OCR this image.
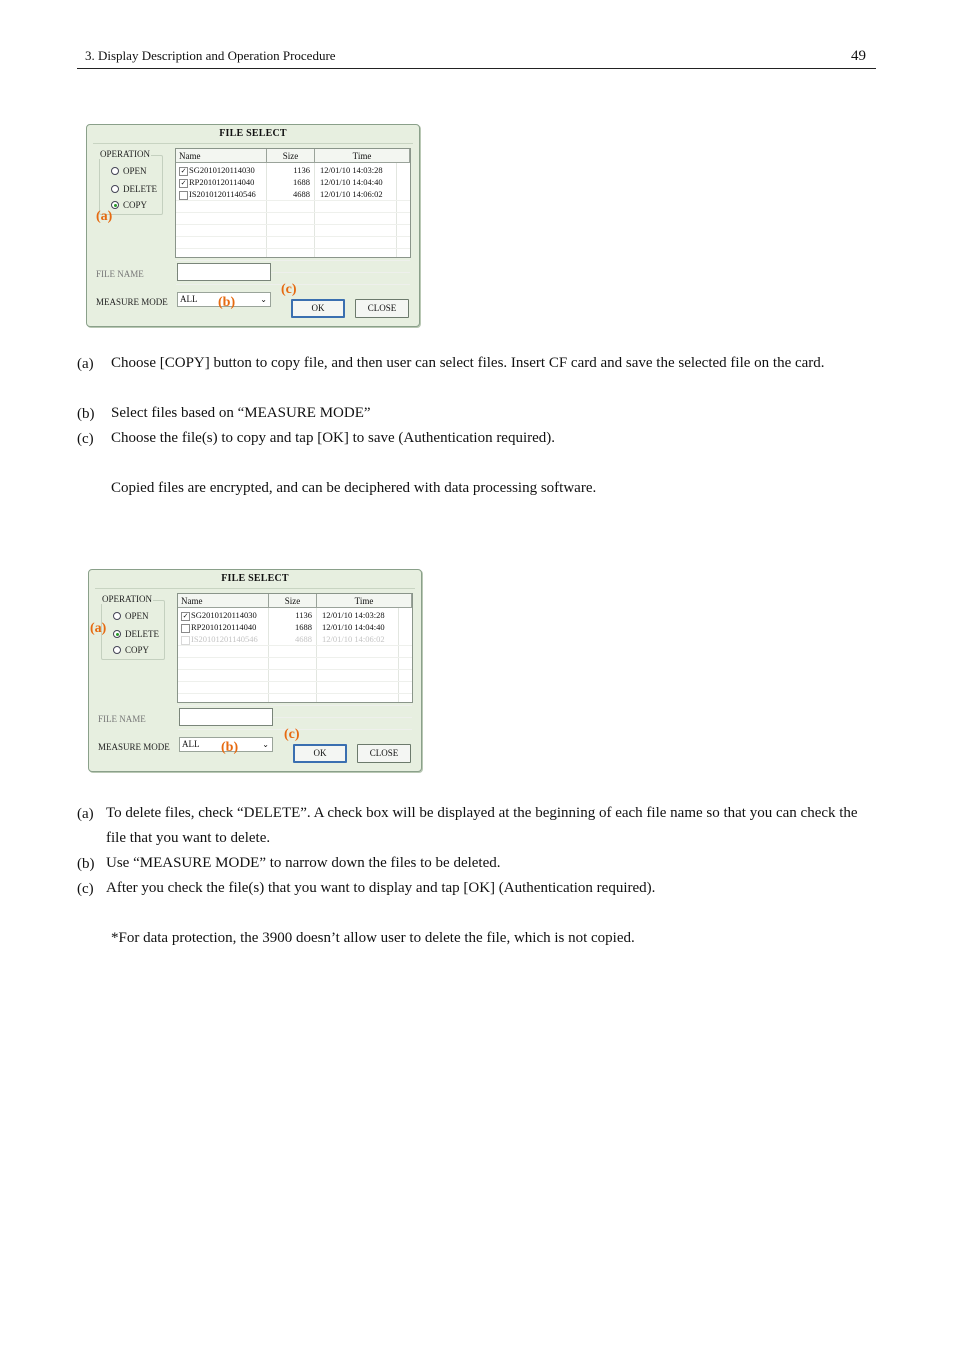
3. Display Description and Operation Procedure	49
FILE SELECT
OPERATION
OPEN
DELETE
COPY
Name	Size	Time
✓ SG2010120114030	1136 12/01/10 14:03:28
✓ RP2010120114040	1688 12/01/10 14:04:40
IS20101201140546	4688 12/01/10 14:06:02
FILE NAME
MEASURE MODE	ALL	⌄
OK	CLOSE
(a)
(b)
(c)
(a) Choose [COPY] button to copy file, and then user can select files. Insert CF card and save the selected file on the card.
(b) Select files based on “MEASURE MODE”
(c) Choose the file(s) to copy and tap [OK] to save (Authentication required).
Copied files are encrypted, and can be deciphered with data processing software.
FILE SELECT
OPERATION
OPEN
DELETE
COPY
Name	Size	Time
✓ SG2010120114030	1136 12/01/10 14:03:28
RP2010120114040	1688 12/01/10 14:04:40
IS20101201140546	4688 12/01/10 14:06:02
FILE NAME
MEASURE MODE	ALL	⌄
OK	CLOSE
(a)
(b)
(c)
(a) To delete files, check “DELETE”. A check box will be displayed at the beginning of each file name so that you can check the file that you want to delete.
(b) Use “MEASURE MODE” to narrow down the files to be deleted.
(c) After you check the file(s) that you want to display and tap [OK] (Authentication required).
*For data protection, the 3900 doesn’t allow user to delete the file, which is not copied.
